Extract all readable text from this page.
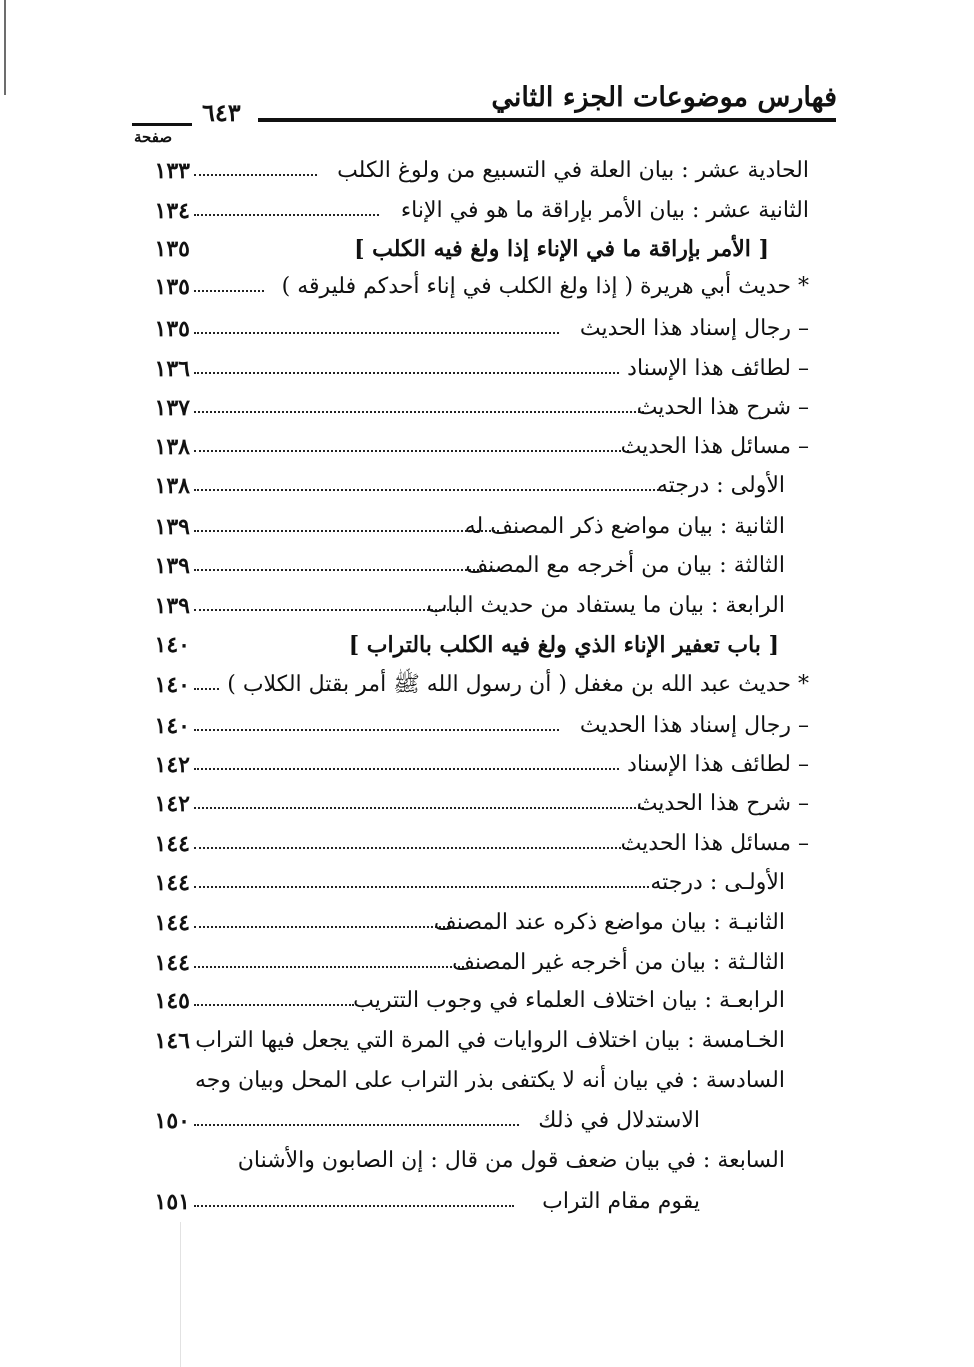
فهارس موضوعات الجزء الثاني
٦٤٣
صفحة
١٣٣	الحادية عشر : بيان العلة في التسبيع من ولوغ الكلب
١٣٤	الثانية عشر : بيان الأمر بإراقة ما هو في الإناء
١٣٥	[ الأمر بإراقة ما في الإناء إذا ولغ فيه الكلب ]
١٣٥	* حديث أبي هريرة ( إذا ولغ الكلب في إناء أحدكم فليرقه )
١٣٥	– رجال إسناد هذا الحديث
١٣٦	– لطائف هذا الإسناد
١٣٧	– شرح هذا الحديث
١٣٨	– مسائل هذا الحديث
١٣٨	الأولى : درجته
١٣٩	الثانية : بيان مواضع ذكر المصنف له
١٣٩	الثالثة : بيان من أخرجه مع المصنف
١٣٩	الرابعة : بيان ما يستفاد من حديث الباب
١٤٠	[ باب تعفير الإناء الذي ولغ فيه الكلب بالتراب ]
١٤٠ * حديث عبد الله بن مغفل ( أن رسول الله ﷺ أمر بقتل الكلاب )
١٤٠	– رجال إسناد هذا الحديث
١٤٢	– لطائف هذا الإسناد
١٤٢	– شرح هذا الحديث
١٤٤	– مسائل هذا الحديث
١٤٤	الأولـى : درجته
١٤٤	الثانيـة : بيان مواضع ذكره عند المصنف
١٤٤	الثالـثة : بيان من أخرجه غير المصنف
١٤٥	الرابعـة : بيان اختلاف العلماء في وجوب التتريب
١٤٦ الخـامسة : بيان اختلاف الروايات في المرة التي يجعل فيها التراب
السادسة : في بيان أنه لا يكتفى بذر التراب على المحل وبيان وجه
١٥٠	الاستدلال في ذلك
السابعة : في بيان ضعف قول من قال : إن الصابون والأشنان
١٥١	يقوم مقام التراب
